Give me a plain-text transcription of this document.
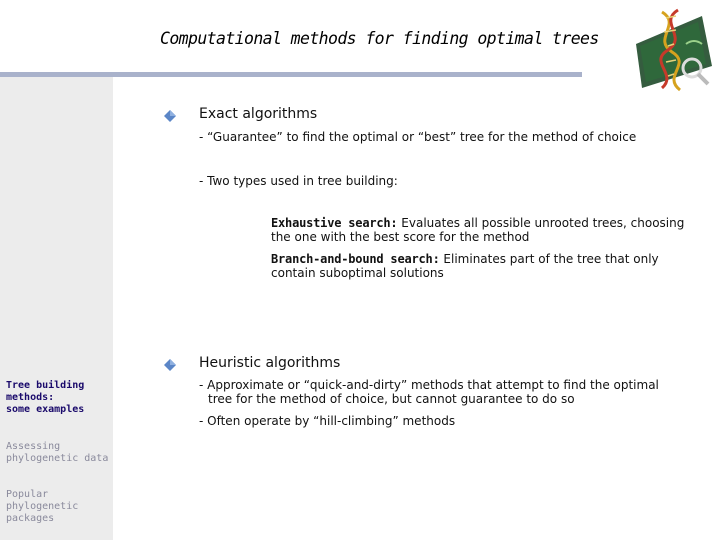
Computational methods for finding optimal trees
Tree building
methods:
some examples
Assessing
phylogenetic data
Popular
phylogenetic
packages
Exact algorithms
- “Guarantee” to find the optimal or “best” tree for the method of choice
- Two types used in tree building:
Exhaustive search: Evaluates all possible unrooted trees, choosing the one with the best score for the method
Branch-and-bound search: Eliminates part of the tree that only contain suboptimal solutions
Heuristic algorithms
- Approximate or “quick-and-dirty” methods that attempt to find the optimal
tree for the method of choice, but cannot guarantee to do so
- Often operate by “hill-climbing” methods
